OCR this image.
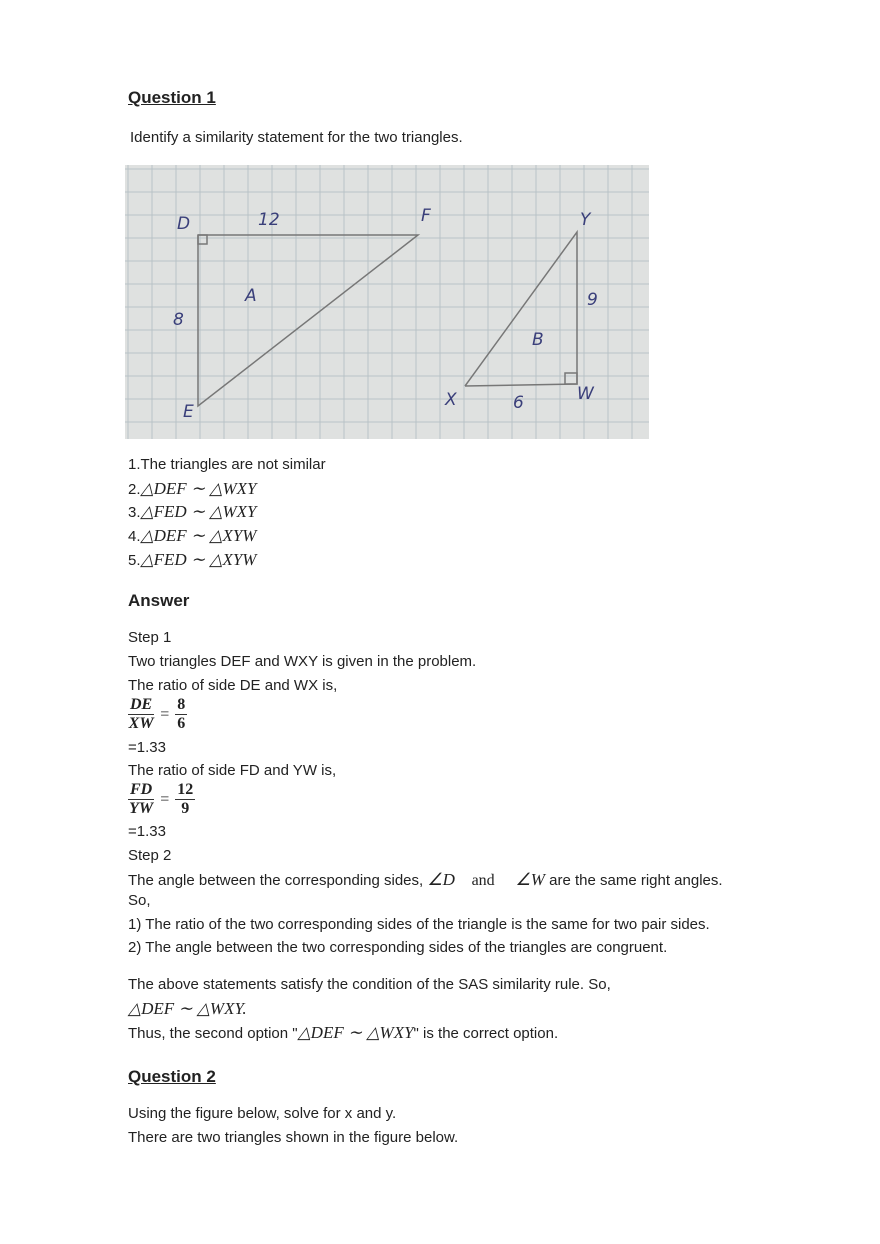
Question 1
Identify a similarity statement for the two triangles.
D
E
F
A
12
8
Y
9
B
X	6	W
1.The triangles are not similar
2.△DEF ∼ △WXY
3.△FED ∼ △WXY
4.△DEF ∼ △XYW
5.△FED ∼ △XYW
Answer
Step 1
Two triangles DEF and WXY is given in the problem.
The ratio of side DE and WX is,
$\frac{DE}{XW} = \frac{8}{6}$
=1.33
The ratio of side FD and YW is,
$\frac{FD}{YW} = \frac{12}{9}$
=1.33
Step 2
The angle between the corresponding sides, ∠D and ∠W are the same right angles.
So,
1) The ratio of the two corresponding sides of the triangle is the same for two pair sides.
2) The angle between the two corresponding sides of the triangles are congruent.
The above statements satisfy the condition of the SAS similarity rule. So,
△DEF ∼ △WXY.
Thus, the second option "△DEF ∼ △WXY" is the correct option.
Question 2
Using the figure below, solve for x and y.
There are two triangles shown in the figure below.
